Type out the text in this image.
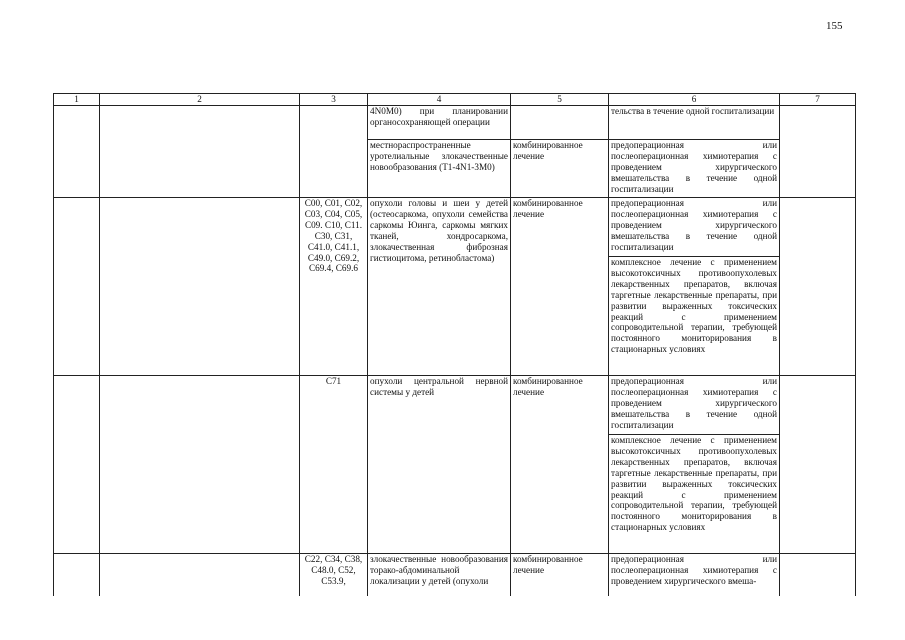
155
1	2	3	4	5	6	7
			4N0M0) при планировании органосохраняющей операции		тельства в течение одной госпитализации	
			местнораспространенные уротелиальные злокачественные новообразования (T1-4N1-3M0)	комбинированное лечение	предоперационная или послеоперационная химиотерапия с проведением хирургического вмешательства в течение одной госпитализации	
		C00, C01, C02, C03, C04, C05, C09. C10, C11. C30, C31, C41.0, C41.1, C49.0, C69.2, C69.4, C69.6	опухоли головы и шеи у детей (остеосаркома, опухоли семейства саркомы Юинга, саркомы мягких тканей, хондросаркома, злокачественная фиброзная гистиоцитома, ретинобластома)	комбинированное лечение	предоперационная или послеоперационная химиотерапия с проведением хирургического вмешательства в течение одной госпитализации	
					комплексное лечение с применением высокотоксичных противоопухолевых лекарственных препаратов, включая таргетные лекарственные препараты, при развитии выраженных токсических реакций с применением сопроводительной терапии, требующей постоянного мониторирования в стационарных условиях	
		C71	опухоли центральной нервной системы у детей	комбинированное лечение	предоперационная или послеоперационная химиотерапия с проведением хирургического вмешательства в течение одной госпитализации	
					комплексное лечение с применением высокотоксичных противоопухолевых лекарственных препаратов, включая таргетные лекарственные препараты, при развитии выраженных токсических реакций с применением сопроводительной терапии, требующей постоянного мониторирования в стационарных условиях	
		C22, C34, C38, C48.0, C52, C53.9,	злокачественные новообразования торако-абдоминальной локализации у детей (опухоли	комбинированное лечение	предоперационная или послеоперационная химиотерапия с проведением хирургического вмеша-	
